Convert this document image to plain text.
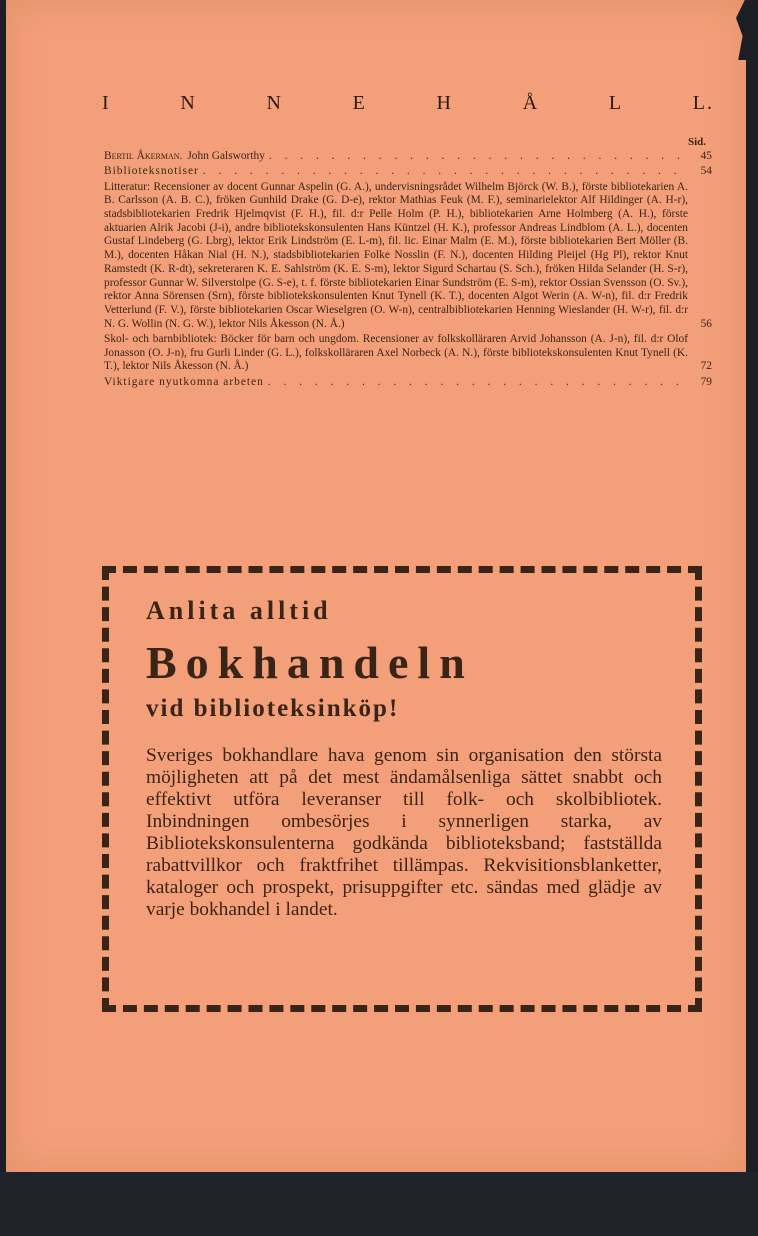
I	N	N	E	H	Å	L	L.
Sid.
Bertil Åkerman. John Galsworthy . . .	45
Biblioteksnotiser . . .	54
Litteratur: Recensioner av docent Gunnar Aspelin (G. A.), undervisningsrådet Wilhelm Björck (W. B.), förste bibliotekarien A. B. Carlsson (A. B. C.), fröken Gunhild Drake (G. D-e), rektor Mathias Feuk (M. F.), seminarielektor Alf Hildinger (A. H-r), stadsbibliotekarien Fredrik Hjelmqvist (F. H.), fil. d:r Pelle Holm (P. H.), bibliotekarien Arne Holmberg (A. H.), förste aktuarien Alrik Jacobi (J-i), andre bibliotekskonsulenten Hans Küntzel (H. K.), professor Andreas Lindblom (A. L.), docenten Gustaf Lindeberg (G. Lbrg), lektor Erik Lindström (E. L-m), fil. lic. Einar Malm (E. M.), förste bibliotekarien Bert Möller (B. M.), docenten Håkan Nial (H. N.), stadsbibliotekarien Folke Nosslin (F. N.), docenten Hilding Pleijel (Hg Pl), rektor Knut Ramstedt (K. R-dt), sekreteraren K. E. Sahlström (K. E. S-m), lektor Sigurd Schartau (S. Sch.), fröken Hilda Selander (H. S-r), professor Gunnar W. Silverstolpe (G. S-e), t. f. förste bibliotekarien Einar Sundström (E. S-m), rektor Ossian Svensson (O. Sv.), rektor Anna Sörensen (Srn), förste bibliotekskonsulenten Knut Tynell (K. T.), docenten Algot Werin (A. W-n), fil. d:r Fredrik Vetterlund (F. V.), förste bibliotekarien Oscar Wieselgren (O. W-n), centralbibliotekarien Henning Wieslander (H. W-r), fil. d:r N. G. Wollin (N. G. W.), lektor Nils Åkesson (N. Å.)	56
Skol- och barnbibliotek: Böcker för barn och ungdom. Recensioner av folkskolläraren Arvid Johansson (A. J-n), fil. d:r Olof Jonasson (O. J-n), fru Gurli Linder (G. L.), folkskolläraren Axel Norbeck (A. N.), förste bibliotekskonsulenten Knut Tynell (K. T.), lektor Nils Åkesson (N. Å.)	72
Viktigare nyutkomna arbeten . . .	79

Anlita alltid

Bokhandeln

vid biblioteksinköp!

Sveriges bokhandlare hava genom sin organisation den största möjligheten att på det mest ändamålsenliga sättet snabbt och effektivt utföra leveranser till folk- och skolbibliotek. Inbindningen ombesörjes i synnerligen starka, av Bibliotekskonsulenterna godkända biblioteksband; fastställda rabattvillkor och fraktfrihet tillämpas. Rekvisitionsblanketter, kataloger och prospekt, prisuppgifter etc. sändas med glädje av varje bokhandel i landet.
